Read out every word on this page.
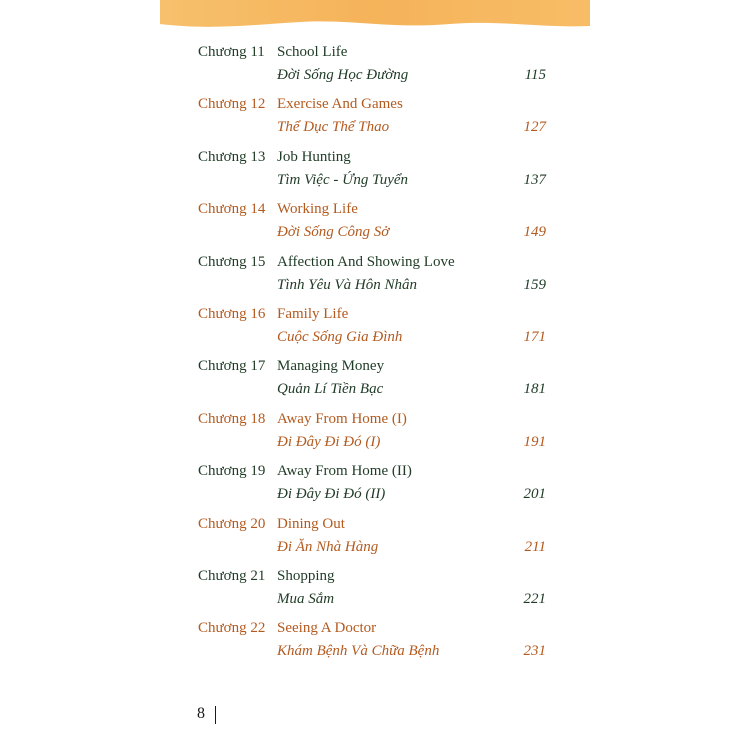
Chương 11 School Life
Đời Sống Học Đường	115
Chương 12 Exercise And Games
Thể Dục Thể Thao	127
Chương 13 Job Hunting
Tìm Việc - Ứng Tuyển	137
Chương 14 Working Life
Đời Sống Công Sở	149
Chương 15 Affection And Showing Love
Tình Yêu Và Hôn Nhân	159
Chương 16 Family Life
Cuộc Sống Gia Đình	171
Chương 17 Managing Money
Quản Lí Tiền Bạc	181
Chương 18 Away From Home (I)
Đi Đây Đi Đó (I)	191
Chương 19 Away From Home (II)
Đi Đây Đi Đó (II)	201
Chương 20 Dining Out
Đi Ăn Nhà Hàng	211
Chương 21 Shopping
Mua Sắm	221
Chương 22 Seeing A Doctor
Khám Bệnh Và Chữa Bệnh	231
8
